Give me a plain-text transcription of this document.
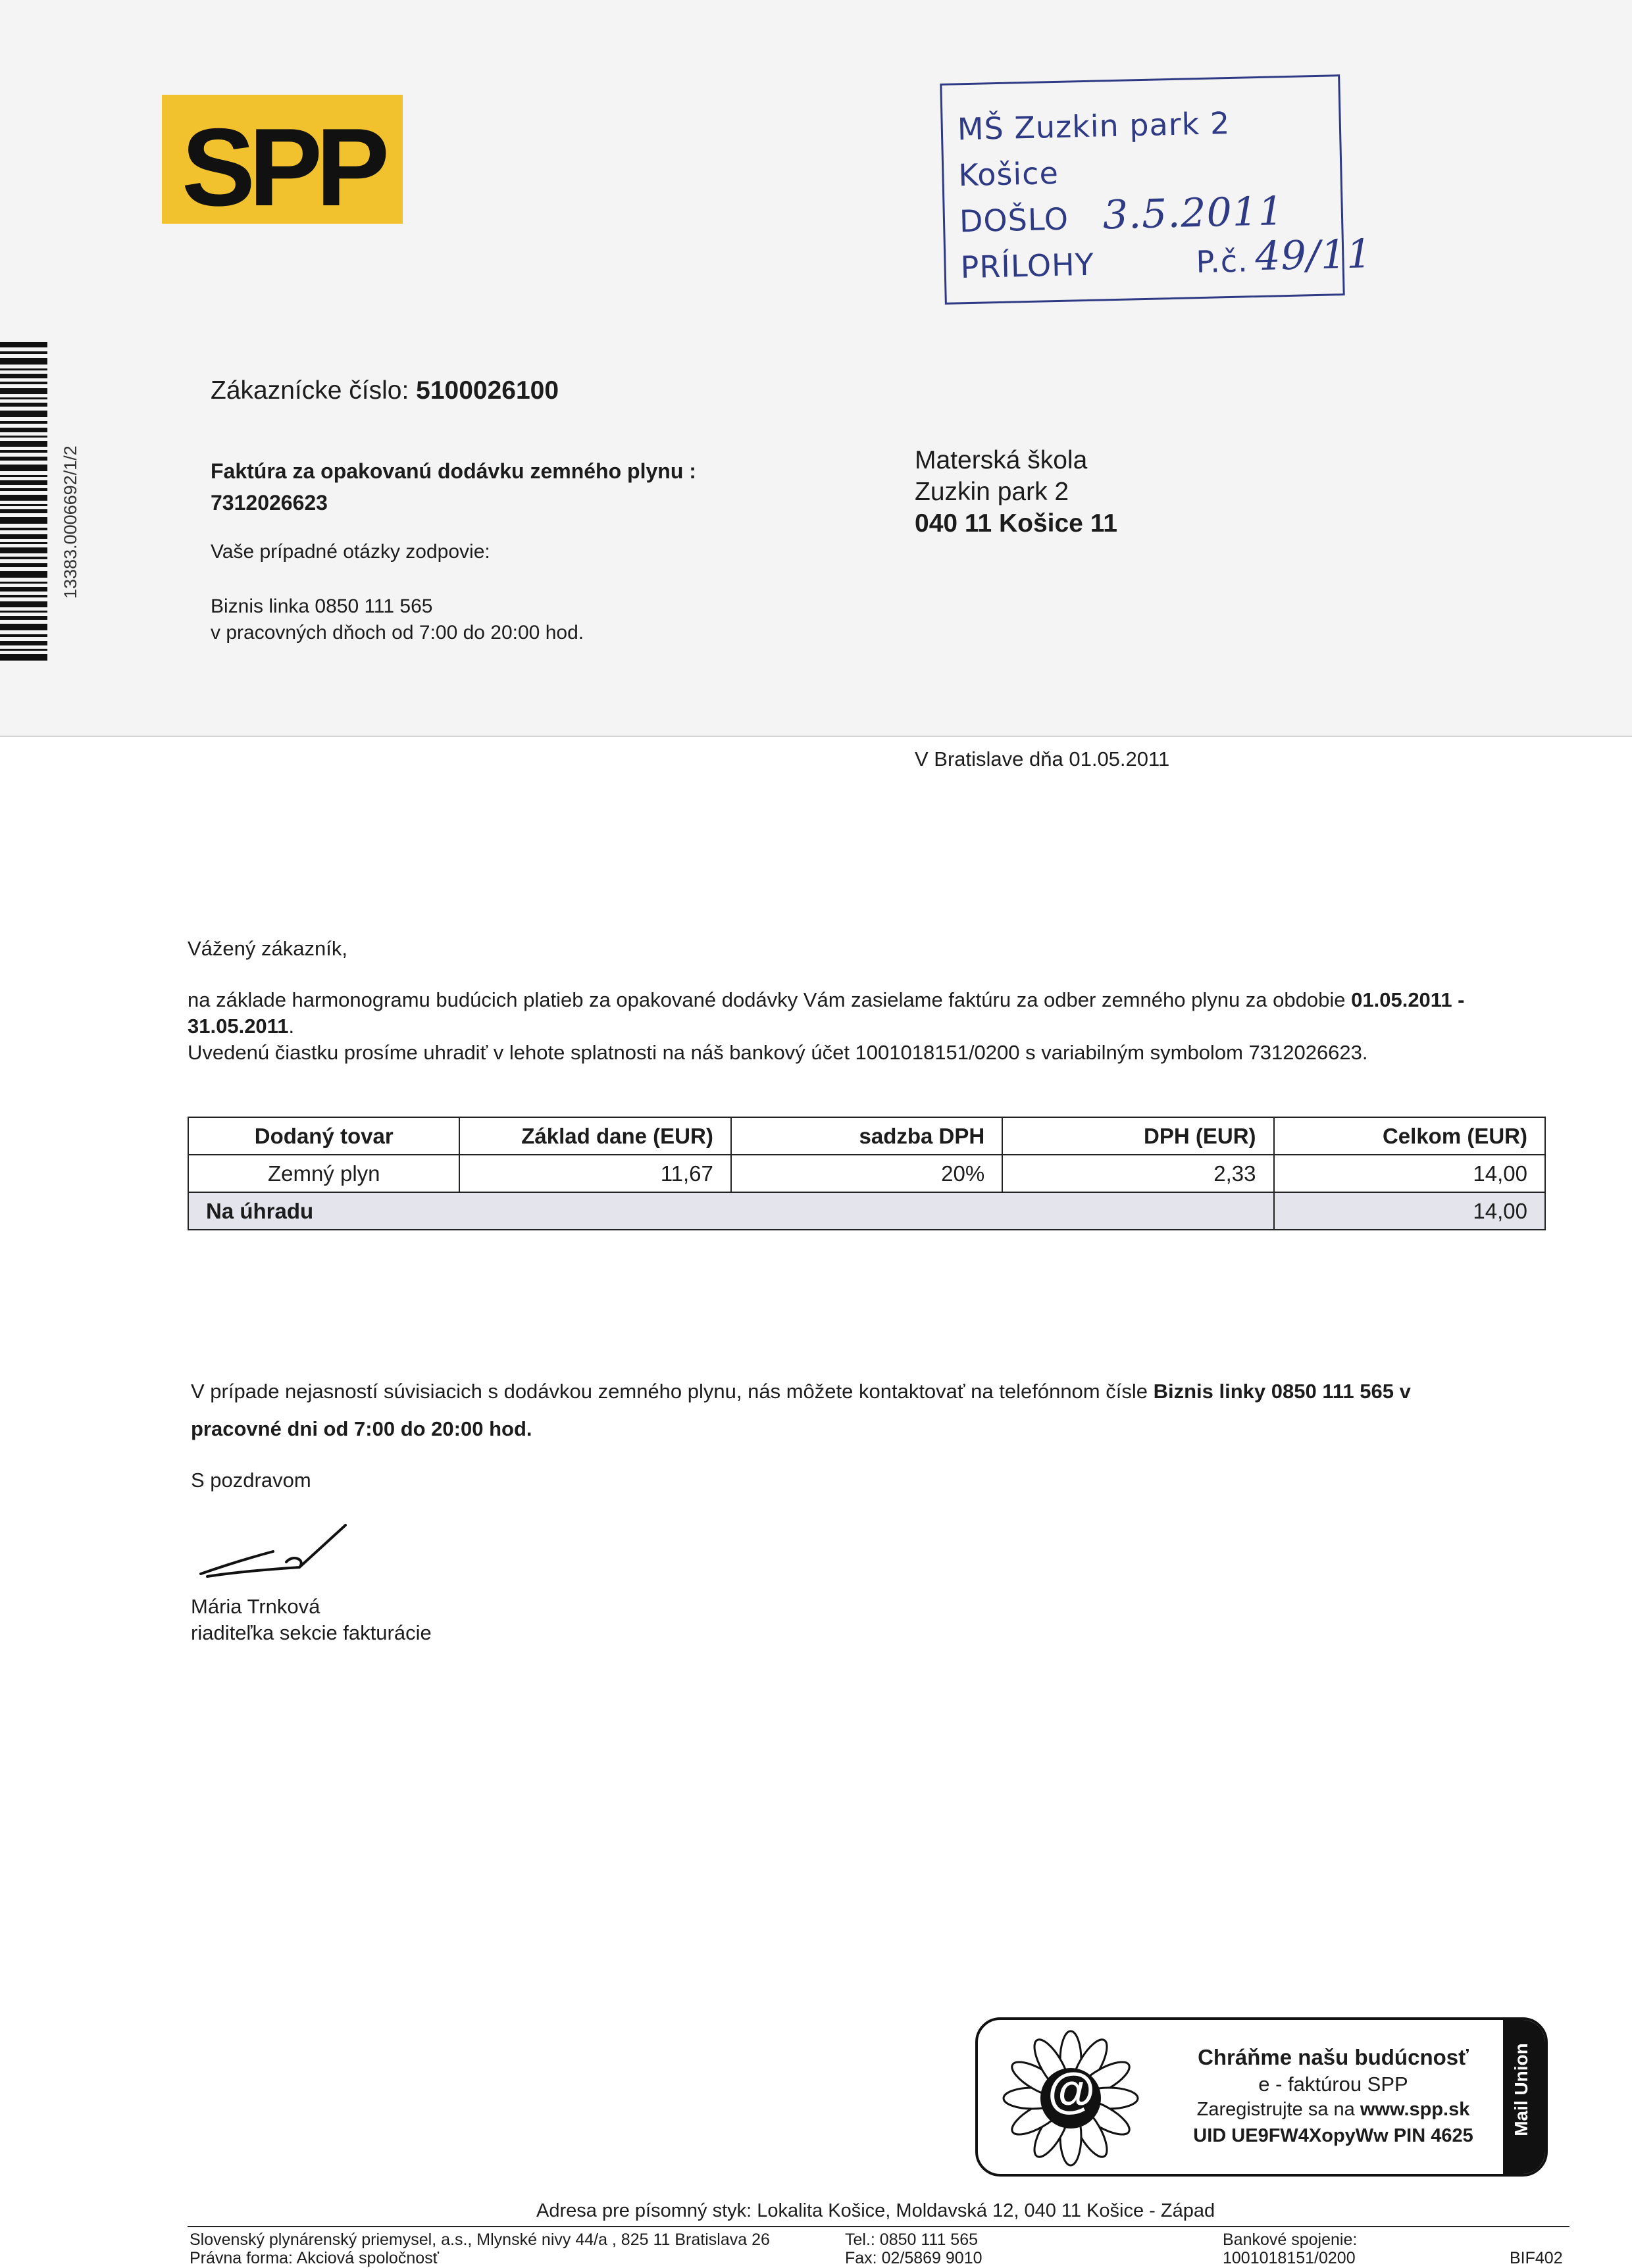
SPP	MŠ Zuzkin park 2
Košice
DOŠLO 3.5.2011
PRÍLOHY	P.č. 49/11
13383.0006692/1/2
Zákaznícke číslo: 5100026100
Faktúra za opakovanú dodávku zemného plynu :
7312026623
Vaše prípadné otázky zodpovie:
Biznis linka 0850 111 565
v pracovných dňoch od 7:00 do 20:00 hod.
Materská škola
Zuzkin park 2
040 11 Košice 11
V Bratislave dňa 01.05.2011
Vážený zákazník,
na základe harmonogramu budúcich platieb za opakované dodávky Vám zasielame faktúru za odber zemného plynu za obdobie 01.05.2011 -
31.05.2011.
Uvedenú čiastku prosíme uhradiť v lehote splatnosti na náš bankový účet 1001018151/0200 s variabilným symbolom 7312026623.
Dodaný tovar	Základ dane (EUR)	sadzba DPH	DPH (EUR)	Celkom (EUR)
Zemný plyn	11,67	20%	2,33	14,00
Na úhradu				14,00
V prípade nejasností súvisiacich s dodávkou zemného plynu, nás môžete kontaktovať na telefónnom čísle Biznis linky 0850 111 565 v
pracovné dni od 7:00 do 20:00 hod.
S pozdravom
Mária Trnková
riaditeľka sekcie fakturácie
@
Chráňme našu budúcnosť
e - faktúrou SPP
Zaregistrujte sa na www.spp.sk
UID UE9FW4XopyWw PIN 4625	Mail Union
Adresa pre písomný styk: Lokalita Košice, Moldavská 12, 040 11 Košice - Západ
Slovenský plynárenský priemysel, a.s., Mlynské nivy 44/a , 825 11 Bratislava 26
Právna forma: Akciová spoločnosť
Tel.: 0850 111 565
Fax: 02/5869 9010
Bankové spojenie:
1001018151/0200	BIF402
